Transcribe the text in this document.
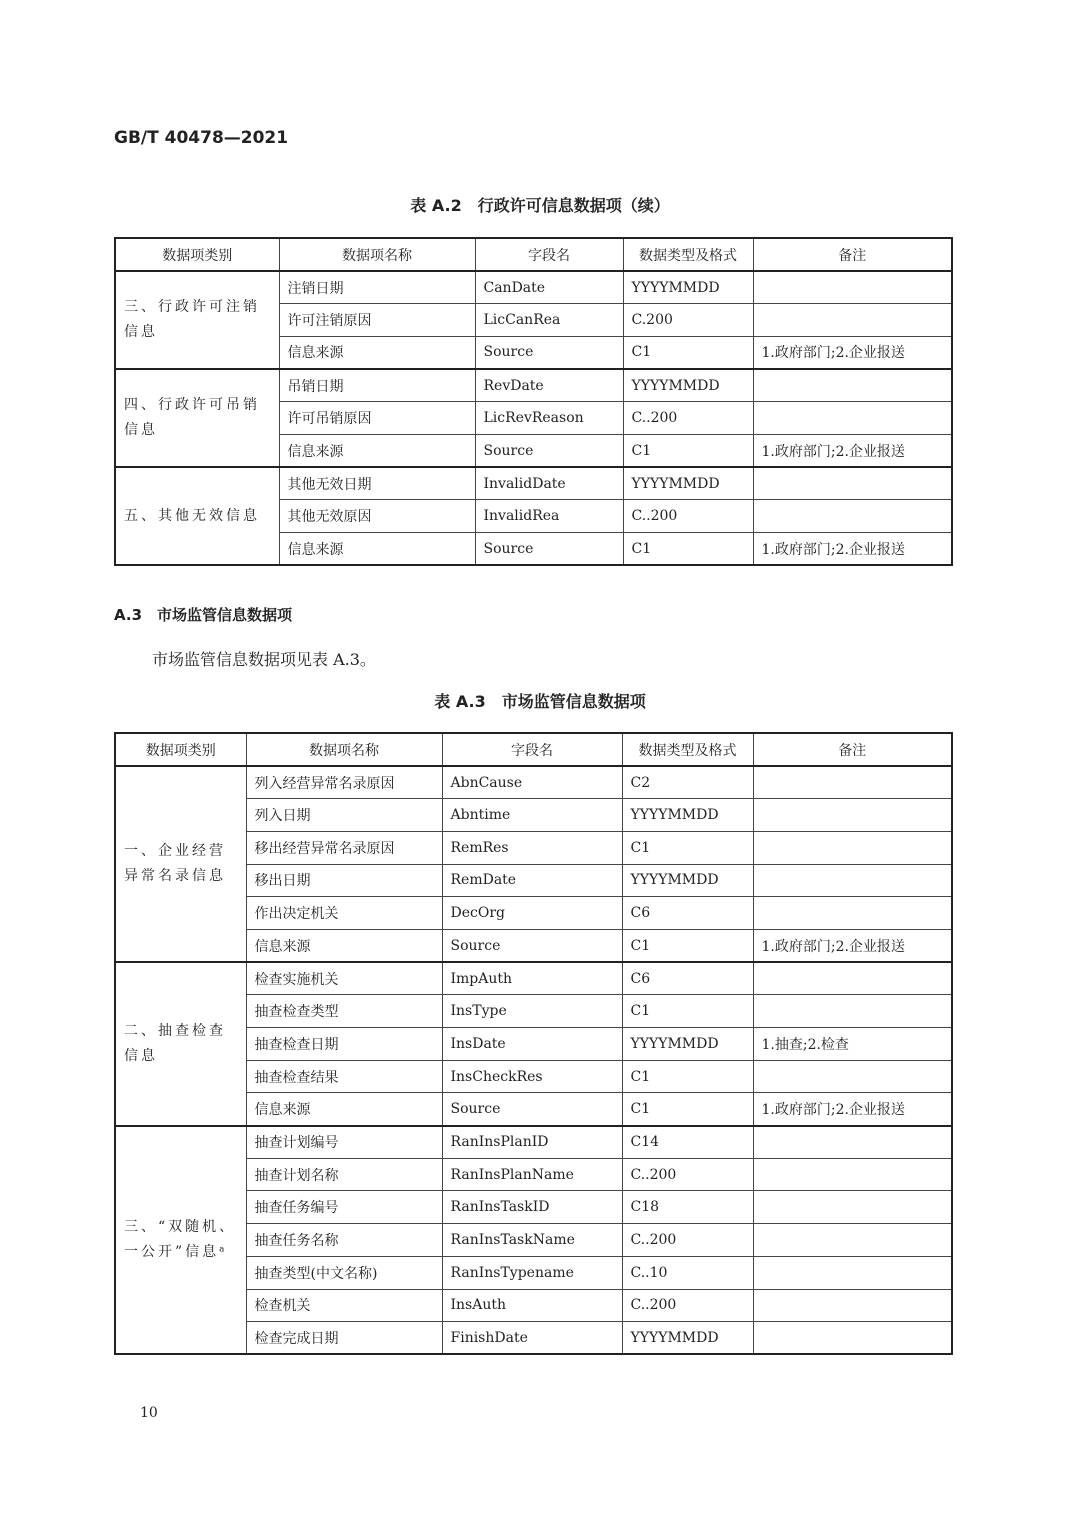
GB/T 40478—2021
表 A.2　行政许可信息数据项（续）
数据项类别	数据项名称	字段名	数据类型及格式	备注
三、行政许可注销信息	注销日期	CanDate	YYYYMMDD	
	许可注销原因	LicCanRea	C.200	
	信息来源	Source	C1	1.政府部门;2.企业报送
四、行政许可吊销信息	吊销日期	RevDate	YYYYMMDD	
	许可吊销原因	LicRevReason	C..200	
	信息来源	Source	C1	1.政府部门;2.企业报送
五、其他无效信息	其他无效日期	InvalidDate	YYYYMMDD	
	其他无效原因	InvalidRea	C..200	
	信息来源	Source	C1	1.政府部门;2.企业报送
A.3　市场监管信息数据项
市场监管信息数据项见表 A.3。
表 A.3　市场监管信息数据项
数据项类别	数据项名称	字段名	数据类型及格式	备注
一、企业经营异常名录信息	列入经营异常名录原因	AbnCause	C2	
	列入日期	Abntime	YYYYMMDD	
	移出经营异常名录原因	RemRes	C1	
	移出日期	RemDate	YYYYMMDD	
	作出决定机关	DecOrg	C6	
	信息来源	Source	C1	1.政府部门;2.企业报送
二、抽查检查信息	检查实施机关	ImpAuth	C6	
	抽查检查类型	InsType	C1	
	抽查检查日期	InsDate	YYYYMMDD	1.抽查;2.检查
	抽查检查结果	InsCheckRes	C1	
	信息来源	Source	C1	1.政府部门;2.企业报送
三、“双随机、一公开”信息ᵃ	抽查计划编号	RanInsPlanID	C14	
	抽查计划名称	RanInsPlanName	C..200	
	抽查任务编号	RanInsTaskID	C18	
	抽查任务名称	RanInsTaskName	C..200	
	抽查类型(中文名称)	RanInsTypename	C..10	
	检查机关	InsAuth	C..200	
	检查完成日期	FinishDate	YYYYMMDD	
10
